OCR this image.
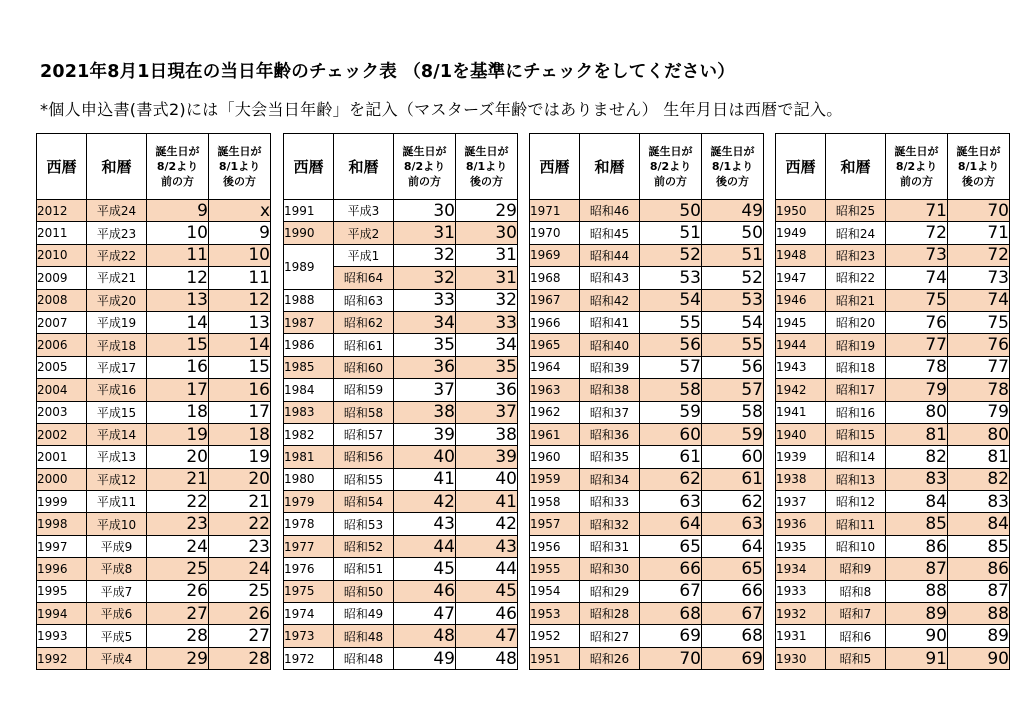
2021年8月1日現在の当日年齢のチェック表 （8/1を基準にチェックをしてください）
*個人申込書(書式2)には「大会当日年齢」を記入（マスターズ年齢ではありません） 生年月日は西暦で記入。
西暦	和暦	誕生日が
8/2より
前の方	誕生日が
8/1より
後の方

2012	平成24	9	x
2011	平成23	10	9
2010	平成22	11	10
2009	平成21	12	11
2008	平成20	13	12
2007	平成19	14	13
2006	平成18	15	14
2005	平成17	16	15
2004	平成16	17	16
2003	平成15	18	17
2002	平成14	19	18
2001	平成13	20	19
2000	平成12	21	20
1999	平成11	22	21
1998	平成10	23	22
1997	平成9	24	23
1996	平成8	25	24
1995	平成7	26	25
1994	平成6	27	26
1993	平成5	28	27
1992	平成4	29	28
西暦	和暦	誕生日が
8/2より
前の方	誕生日が
8/1より
後の方

1991	平成3	30	29
1990	平成2	31	30
1989	平成1	32	31
	昭和64	32	31
1988	昭和63	33	32
1987	昭和62	34	33
1986	昭和61	35	34
1985	昭和60	36	35
1984	昭和59	37	36
1983	昭和58	38	37
1982	昭和57	39	38
1981	昭和56	40	39
1980	昭和55	41	40
1979	昭和54	42	41
1978	昭和53	43	42
1977	昭和52	44	43
1976	昭和51	45	44
1975	昭和50	46	45
1974	昭和49	47	46
1973	昭和48	48	47
1972	昭和48	49	48
西暦	和暦	誕生日が
8/2より
前の方	誕生日が
8/1より
後の方

1971	昭和46	50	49
1970	昭和45	51	50
1969	昭和44	52	51
1968	昭和43	53	52
1967	昭和42	54	53
1966	昭和41	55	54
1965	昭和40	56	55
1964	昭和39	57	56
1963	昭和38	58	57
1962	昭和37	59	58
1961	昭和36	60	59
1960	昭和35	61	60
1959	昭和34	62	61
1958	昭和33	63	62
1957	昭和32	64	63
1956	昭和31	65	64
1955	昭和30	66	65
1954	昭和29	67	66
1953	昭和28	68	67
1952	昭和27	69	68
1951	昭和26	70	69
西暦	和暦	誕生日が
8/2より
前の方	誕生日が
8/1より
後の方

1950	昭和25	71	70
1949	昭和24	72	71
1948	昭和23	73	72
1947	昭和22	74	73
1946	昭和21	75	74
1945	昭和20	76	75
1944	昭和19	77	76
1943	昭和18	78	77
1942	昭和17	79	78
1941	昭和16	80	79
1940	昭和15	81	80
1939	昭和14	82	81
1938	昭和13	83	82
1937	昭和12	84	83
1936	昭和11	85	84
1935	昭和10	86	85
1934	昭和9	87	86
1933	昭和8	88	87
1932	昭和7	89	88
1931	昭和6	90	89
1930	昭和5	91	90
